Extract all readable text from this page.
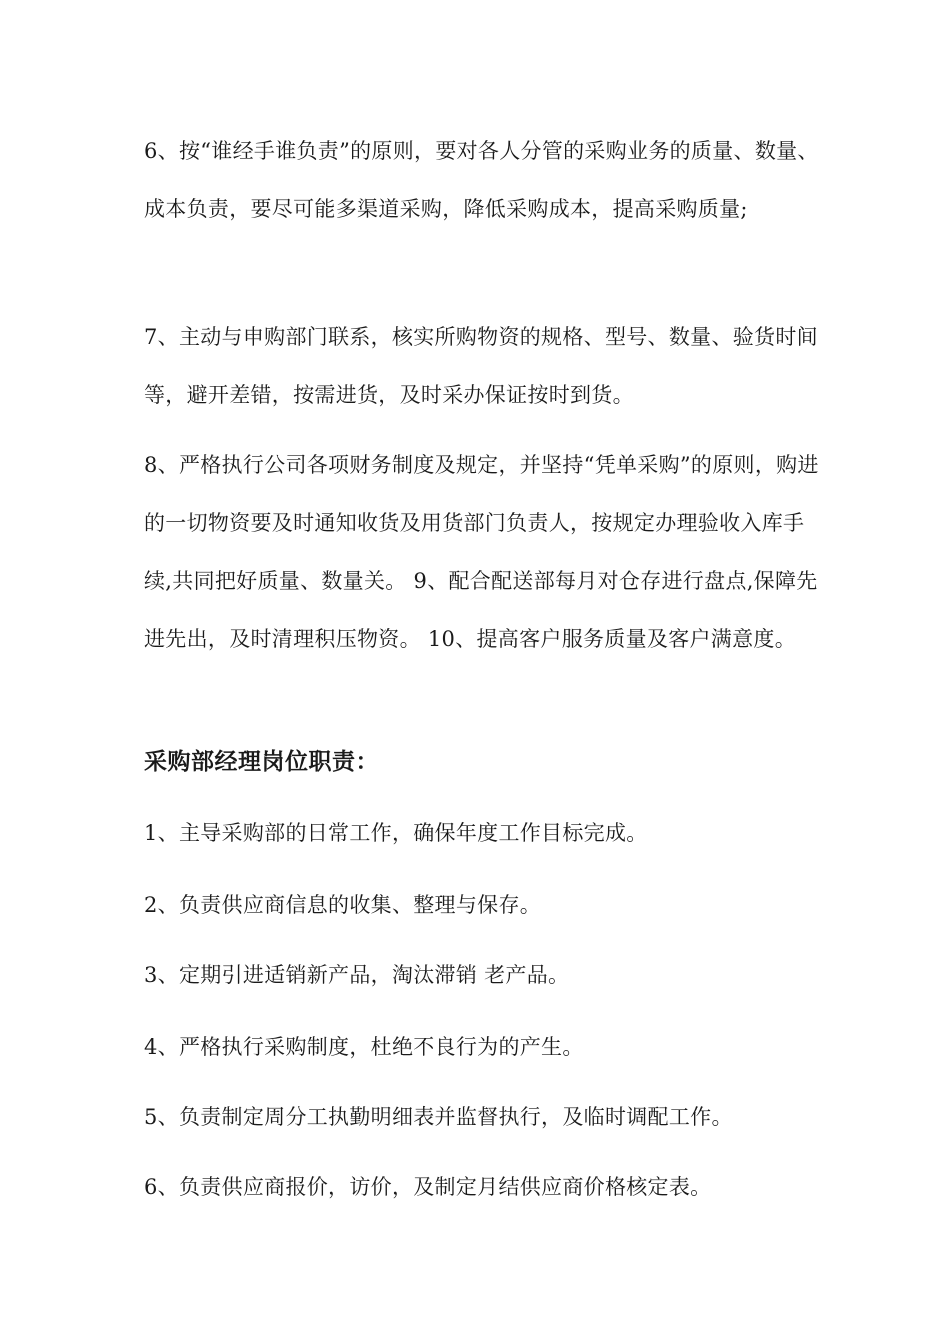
6、按“谁经手谁负责”的原则，要对各人分管的采购业务的质量、数量、成本负责，要尽可能多渠道采购，降低采购成本，提高采购质量;

7、主动与申购部门联系，核实所购物资的规格、型号、数量、验货时间等，避开差错，按需进货，及时采办保证按时到货。

8、严格执行公司各项财务制度及规定，并坚持“凭单采购”的原则，购进的一切物资要及时通知收货及用货部门负责人，按规定办理验收入库手续,共同把好质量、数量关。 9、配合配送部每月对仓存进行盘点,保障先进先出，及时清理积压物资。 10、提高客户服务质量及客户满意度。

采购部经理岗位职责：

1、主导采购部的日常工作，确保年度工作目标完成。

2、负责供应商信息的收集、整理与保存。

3、定期引进适销新产品，淘汰滞销 老产品。

4、严格执行采购制度，杜绝不良行为的产生。

5、负责制定周分工执勤明细表并监督执行，及临时调配工作。

6、负责供应商报价，访价，及制定月结供应商价格核定表。
